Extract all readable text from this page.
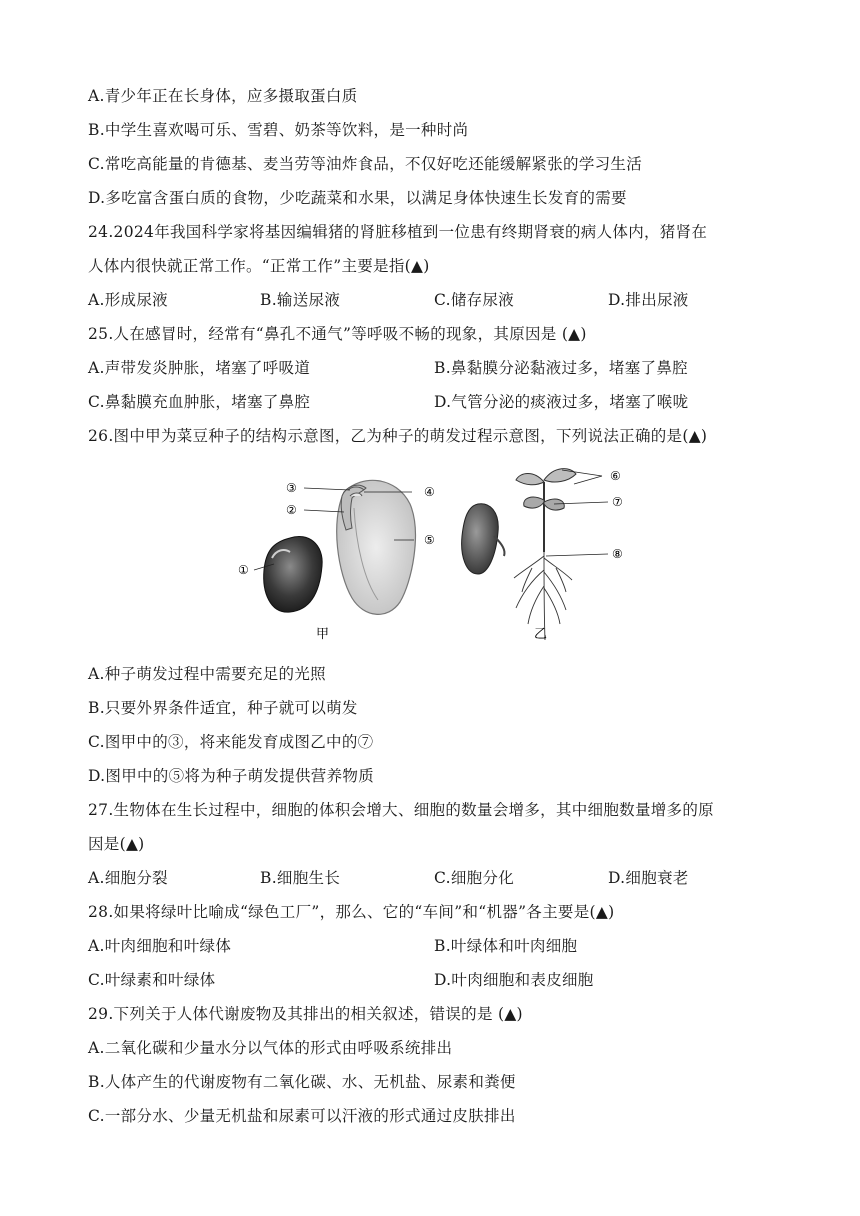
A.青少年正在长身体，应多摄取蛋白质
B.中学生喜欢喝可乐、雪碧、奶茶等饮料，是一种时尚
C.常吃高能量的肯德基、麦当劳等油炸食品，不仅好吃还能缓解紧张的学习生活
D.多吃富含蛋白质的食物，少吃蔬菜和水果，以满足身体快速生长发育的需要
24.2024年我国科学家将基因编辑猪的肾脏移植到一位患有终期肾衰的病人体内，猪肾在
人体内很快就正常工作。“正常工作”主要是指(▲)
A.形成尿液	B.输送尿液	C.储存尿液	D.排出尿液
25.人在感冒时，经常有“鼻孔不通气”等呼吸不畅的现象，其原因是 (▲)
A.声带发炎肿胀，堵塞了呼吸道	B.鼻黏膜分泌黏液过多，堵塞了鼻腔
C.鼻黏膜充血肿胀，堵塞了鼻腔	D.气管分泌的痰液过多，堵塞了喉咙
26.图中甲为菜豆种子的结构示意图，乙为种子的萌发过程示意图，下列说法正确的是(▲)
③	④
②
⑤
①
⑥
⑦
⑧
甲	乙
A.种子萌发过程中需要充足的光照
B.只要外界条件适宜，种子就可以萌发
C.图甲中的③，将来能发育成图乙中的⑦
D.图甲中的⑤将为种子萌发提供营养物质
27.生物体在生长过程中，细胞的体积会增大、细胞的数量会增多，其中细胞数量增多的原
因是(▲)
A.细胞分裂	B.细胞生长	C.细胞分化	D.细胞衰老
28.如果将绿叶比喻成“绿色工厂”，那么、它的“车间”和“机器”各主要是(▲)
A.叶肉细胞和叶绿体	B.叶绿体和叶肉细胞
C.叶绿素和叶绿体	D.叶肉细胞和表皮细胞
29.下列关于人体代谢废物及其排出的相关叙述，错误的是 (▲)
A.二氧化碳和少量水分以气体的形式由呼吸系统排出
B.人体产生的代谢废物有二氧化碳、水、无机盐、尿素和粪便
C.一部分水、少量无机盐和尿素可以汗液的形式通过皮肤排出
